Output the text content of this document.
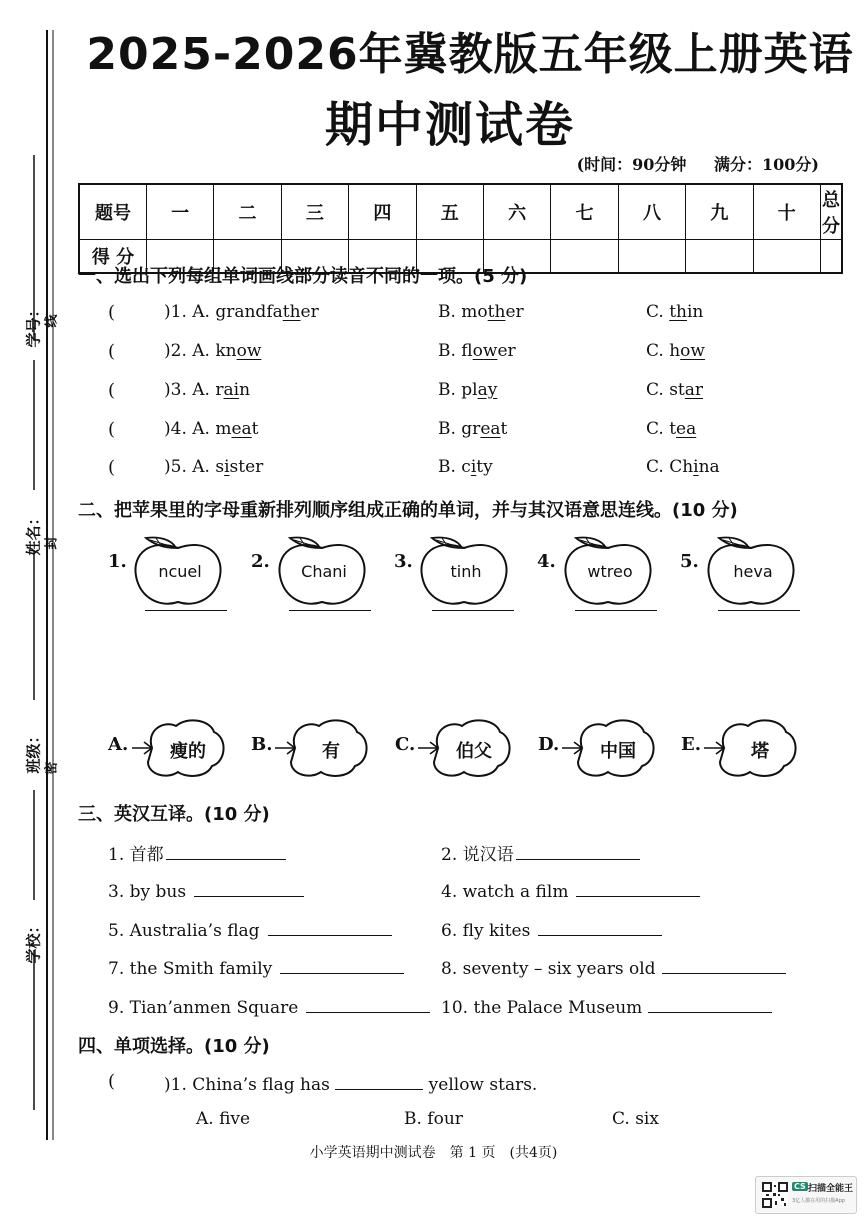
学号：
姓名：
班级：
学校：
线
封
密
2025-2026年冀教版五年级上册英语
期中测试卷
(时间：90分钟 满分：100分)
题号	一	二	三	四	五	六	七	八	九	十	总分
得 分											
一、选出下列每组单词画线部分读音不同的一项。(5 分)
(	)1. A. grandfather	B. mother	C. thin
(	)2. A. know	B. flower	C. how
(	)3. A. rain	B. play	C. star
(	)4. A. meat	B. great	C. tea
(	)5. A. sister	B. city	C. China
二、把苹果里的字母重新排列顺序组成正确的单词，并与其汉语意思连线。(10 分)
1.	ncuel	2.	Chani	3.	tinh	4.	wtreo	5.	heva
A.	瘦的	B.	有	C.	伯父	D.	中国	E.	塔
三、英汉互译。(10 分)
1. 首都	2. 说汉语
3. by bus	4. watch a film
5. Australia’s flag	6. fly kites
7. the Smith family	8. seventy – six years old
9. Tian’anmen Square	10. the Palace Museum
四、单项选择。(10 分)
(	)1. China’s flag has	yellow stars.
A. five	B. four	C. six
小学英语期中测试卷　第 1 页　(共4页)
CS 扫描全能王
3亿人都在用的扫描App
